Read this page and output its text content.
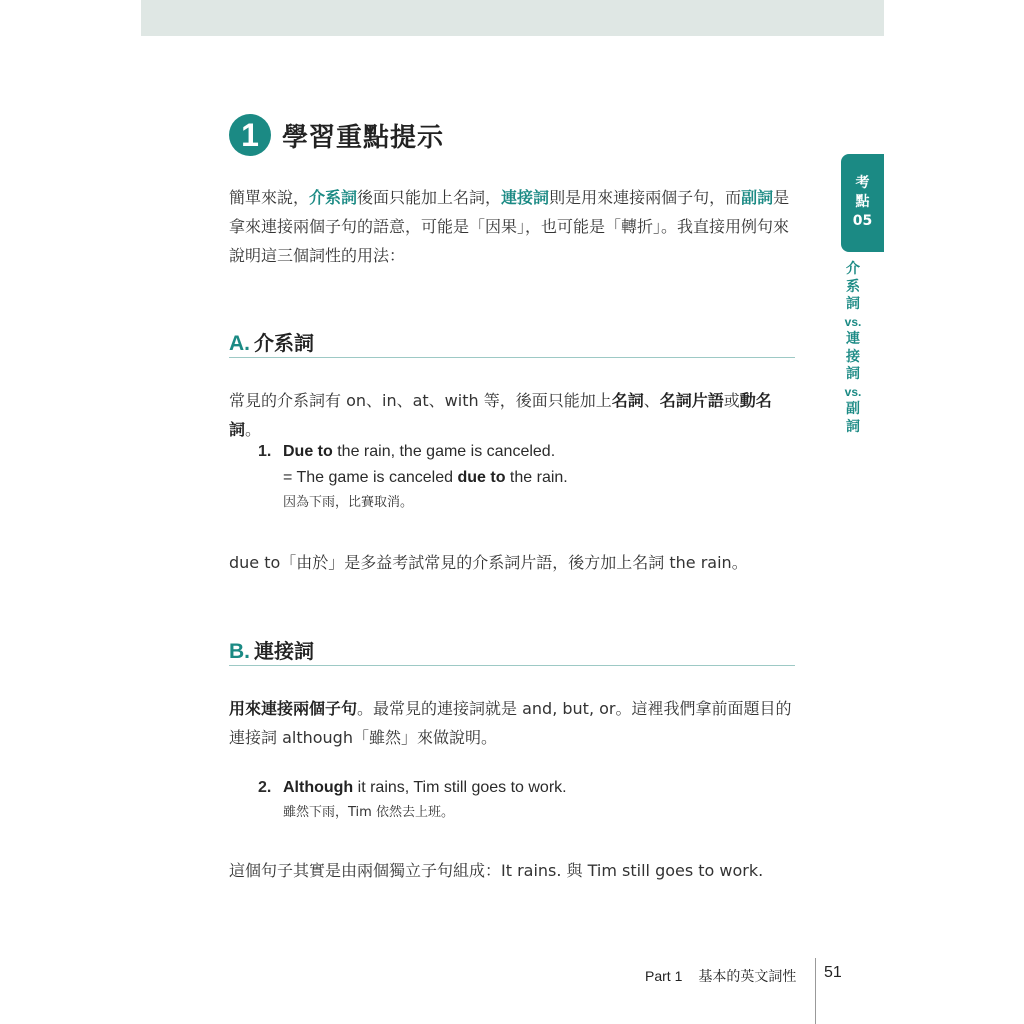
1 學習重點提示
簡單來說，介系詞後面只能加上名詞，連接詞則是用來連接兩個子句，而副詞是拿來連接兩個子句的語意，可能是「因果」，也可能是「轉折」。我直接用例句來說明這三個詞性的用法：
A. 介系詞
常見的介系詞有 on、in、at、with 等，後面只能加上名詞、名詞片語或動名詞。
1. Due to the rain, the game is canceled.
= The game is canceled due to the rain.
因為下雨，比賽取消。
due to「由於」是多益考試常見的介系詞片語，後方加上名詞 the rain。
B. 連接詞
用來連接兩個子句。最常見的連接詞就是 and, but, or。這裡我們拿前面題目的連接詞 although「雖然」來做說明。
2. Although it rains, Tim still goes to work.
雖然下雨，Tim 依然去上班。
這個句子其實是由兩個獨立子句組成：It rains. 與 Tim still goes to work.
考
點
05
介
系
詞
vs.
連
接
詞
vs.
副
詞
Part 1 基本的英文詞性 51
